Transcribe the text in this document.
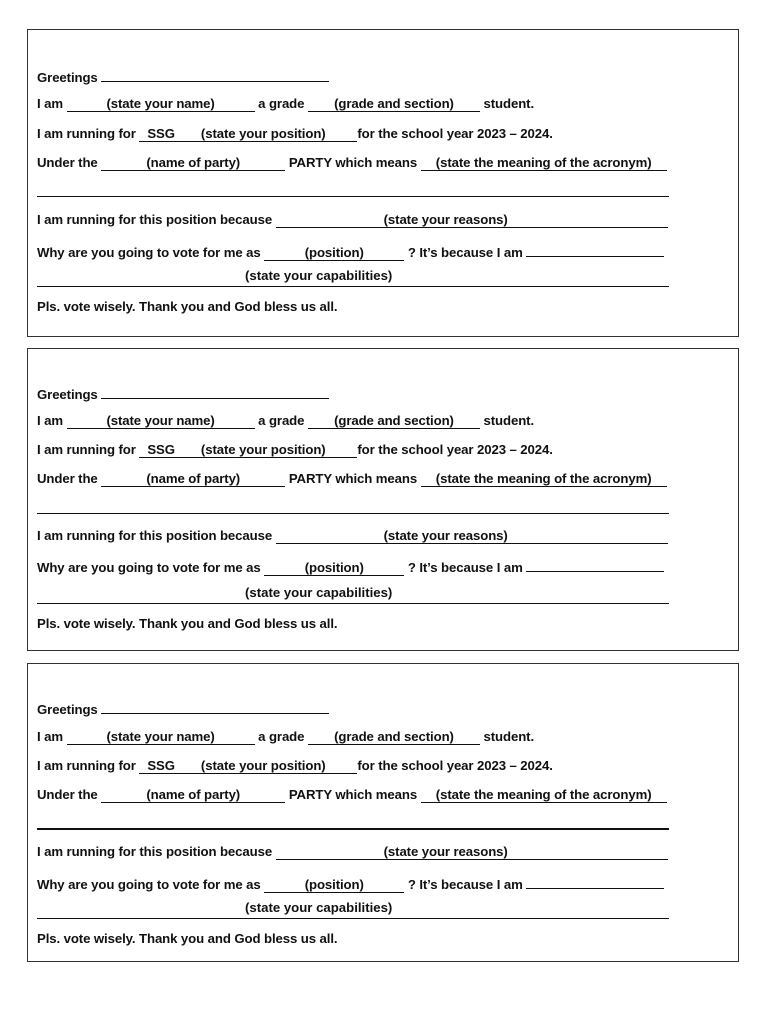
Greetings
I am	(state your name)	a grade (grade and section) student.
I am running for SSG (state your position) for the school year 2023 – 2024.
Under the	(name of party)	PARTY which means (state the meaning of the acronym)
I am running for this position because	(state your reasons)
Why are you going to vote for me as	(position)	? It’s because I am
(state your capabilities)
Pls. vote wisely. Thank you and God bless us all.
Greetings
I am	(state your name)	a grade (grade and section) student.
I am running for SSG (state your position) for the school year 2023 – 2024.
Under the	(name of party)	PARTY which means (state the meaning of the acronym)
I am running for this position because	(state your reasons)
Why are you going to vote for me as	(position)	? It’s because I am
(state your capabilities)
Pls. vote wisely. Thank you and God bless us all.
Greetings
I am	(state your name)	a grade (grade and section) student.
I am running for SSG (state your position) for the school year 2023 – 2024.
Under the	(name of party)	PARTY which means (state the meaning of the acronym)
I am running for this position because	(state your reasons)
Why are you going to vote for me as	(position)	? It’s because I am
(state your capabilities)
Pls. vote wisely. Thank you and God bless us all.
